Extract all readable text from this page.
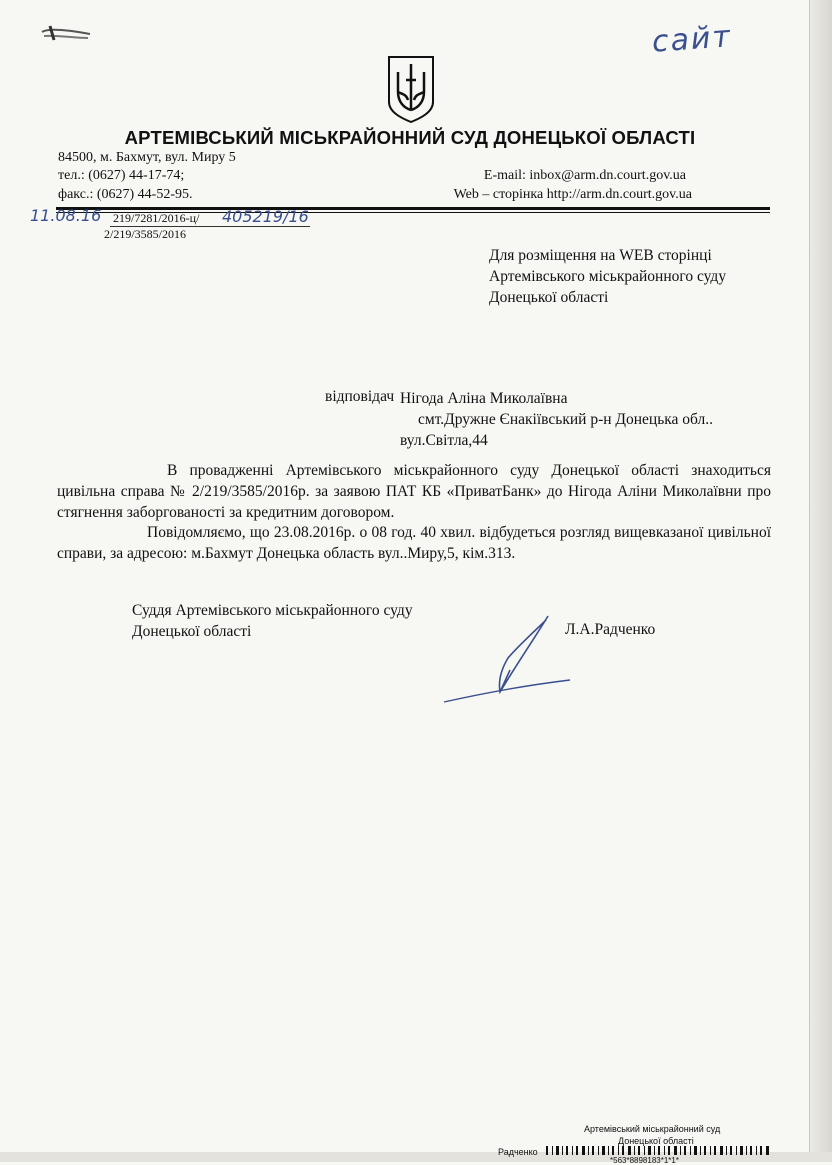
сайт
АРТЕМІВСЬКИЙ МІСЬКРАЙОННИЙ СУД ДОНЕЦЬКОЇ ОБЛАСТІ
84500, м. Бахмут, вул. Миру 5
тел.: (0627) 44-17-74;
факс.: (0627) 44-52-95.
E-mail: inbox@arm.dn.court.gov.ua
Web – сторінка http://arm.dn.court.gov.ua
11.08.16 219/7281/2016-ц/ 405219/16
2/219/3585/2016
Для розміщення на WEB сторінці
Артемівського міськрайонного суду
Донецької області
відповідач Нігода Аліна Миколаївна
смт.Дружне Єнакіївський р-н Донецька обл..
вул.Світла,44
В провадженні Артемівського міськрайонного суду Донецької області знаходиться цивільна справа № 2/219/3585/2016р. за заявою ПАТ КБ «ПриватБанк» до Нігода Аліни Миколаївни про стягнення заборгованості за кредитним договором.
Повідомляємо, що 23.08.2016р. о 08 год. 40 хвил. відбудеться розгляд вищевказаної цивільної справи, за адресою: м.Бахмут Донецька область вул..Миру,5, кім.313.
Суддя Артемівського міськрайонного суду
Донецької області	Л.А.Радченко
Артемівський міськрайонний суд
Донецької області
Радченко
*563*8898183*1*1*
